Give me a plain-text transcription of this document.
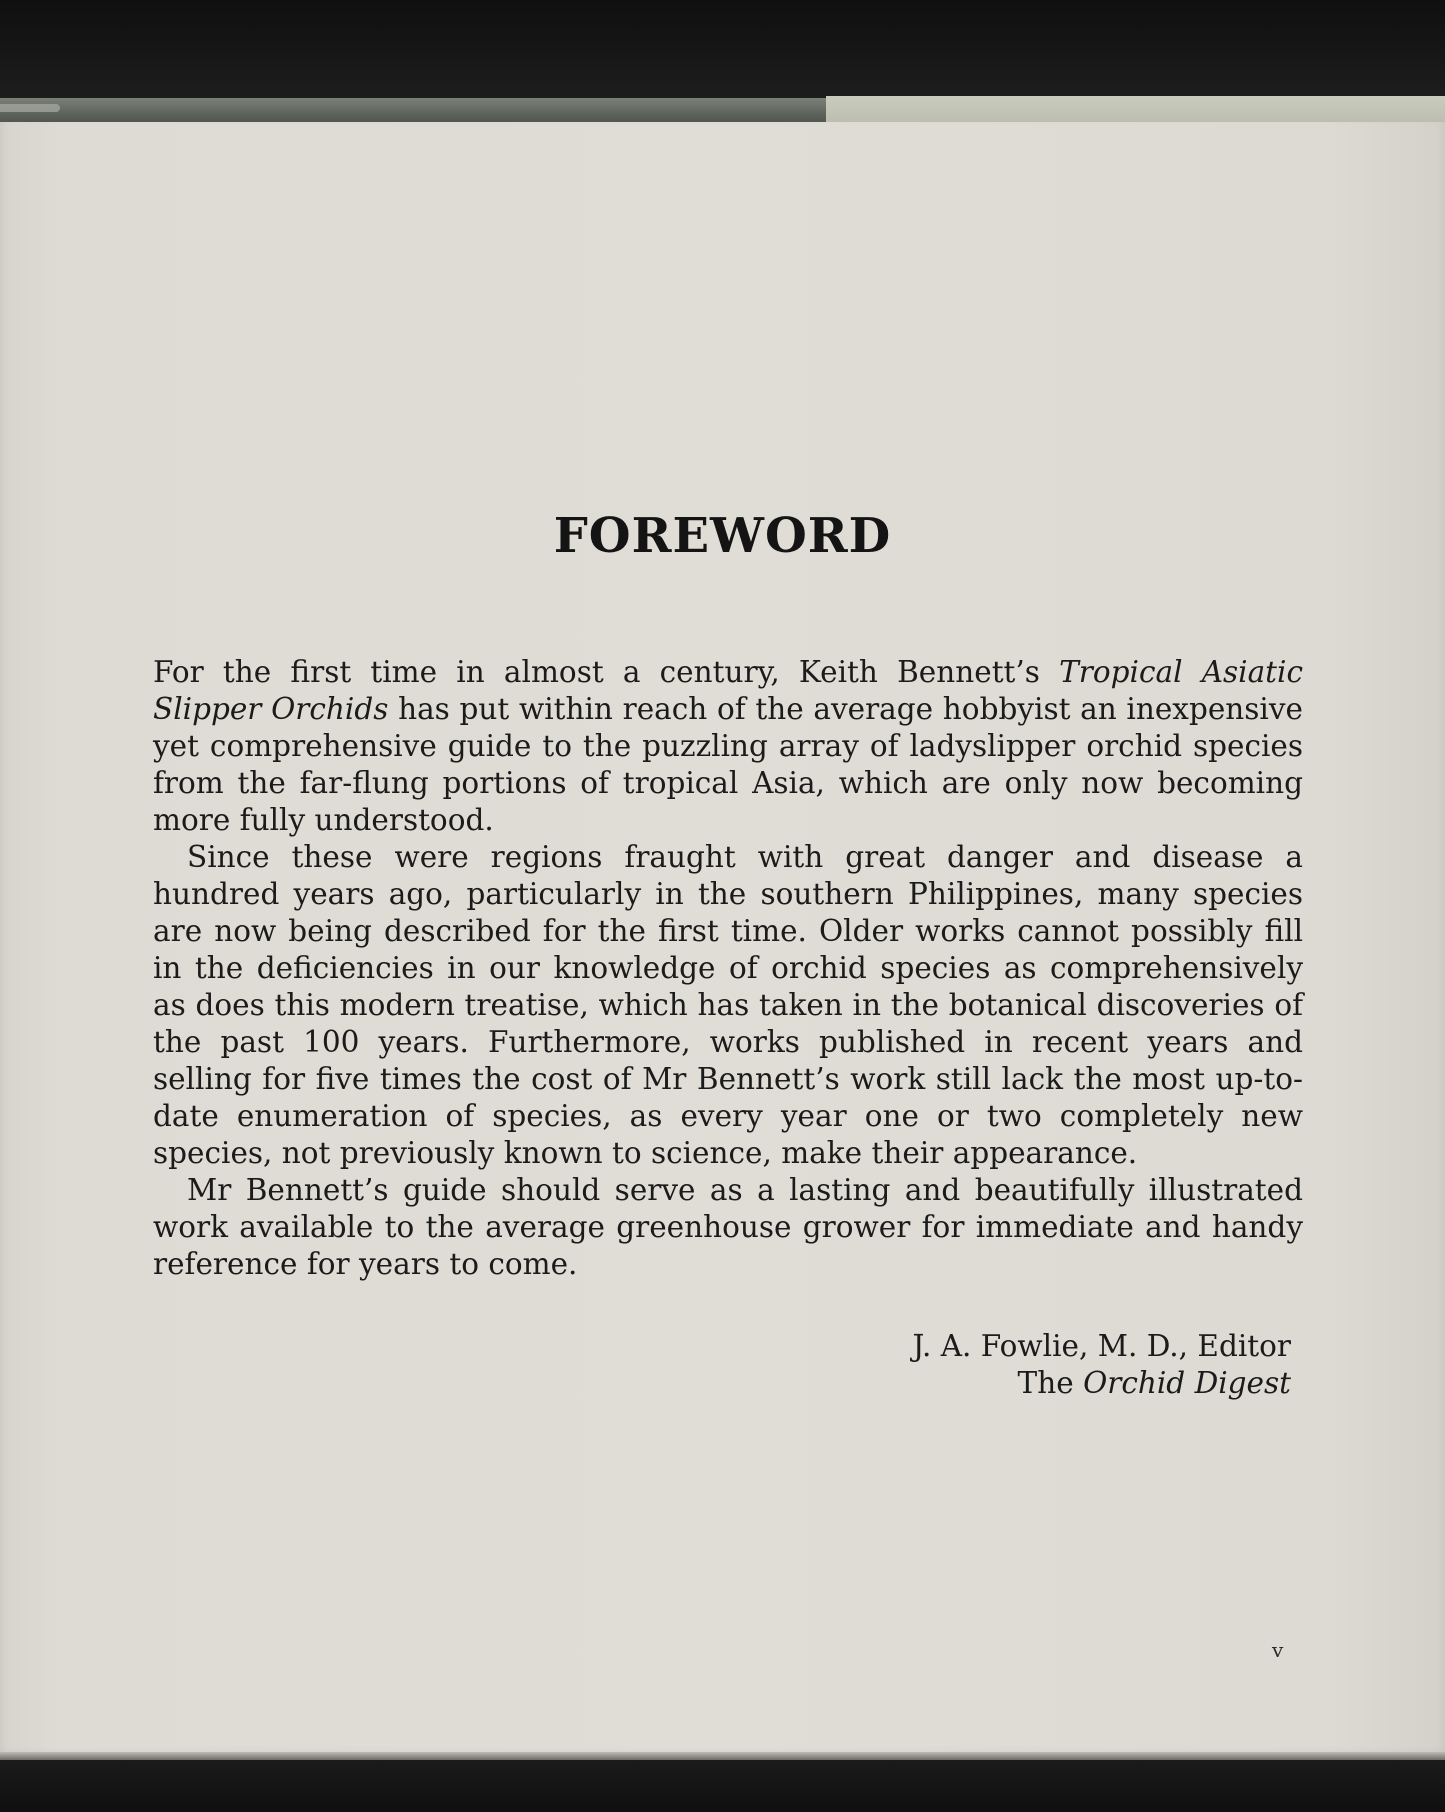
FOREWORD

For the first time in almost a century, Keith Bennett’s Tropical Asiatic Slipper Orchids has put within reach of the average hobbyist an inexpensive yet comprehensive guide to the puzzling array of ladyslipper orchid species from the far-flung portions of tropical Asia, which are only now becoming more fully understood.

Since these were regions fraught with great danger and disease a hundred years ago, particularly in the southern Philippines, many species are now being described for the first time. Older works cannot possibly fill in the deficiencies in our knowledge of orchid species as comprehensively as does this modern treatise, which has taken in the botanical discoveries of the past 100 years. Furthermore, works published in recent years and selling for five times the cost of Mr Bennett’s work still lack the most up-to-date enumeration of species, as every year one or two completely new species, not previously known to science, make their appearance.

Mr Bennett’s guide should serve as a lasting and beautifully illustrated work available to the average greenhouse grower for immediate and handy reference for years to come.

J. A. Fowlie, M. D., Editor
The Orchid Digest
v
